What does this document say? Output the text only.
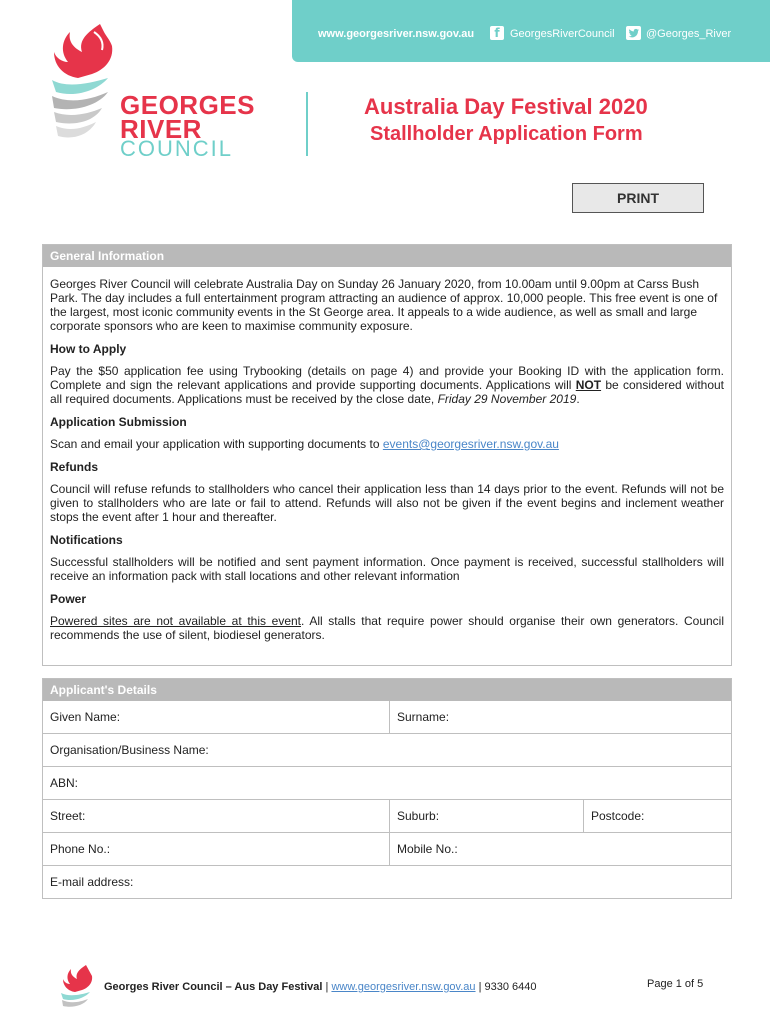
www.georgesriver.nsw.gov.au	f GeorgesRiverCouncil	@Georges_River
GEORGES
RIVER
COUNCIL
Australia Day Festival 2020
Stallholder Application Form
PRINT
General Information

Georges River Council will celebrate Australia Day on Sunday 26 January 2020, from 10.00am until 9.00pm at Carss Bush Park. The day includes a full entertainment program attracting an audience of approx. 10,000 people. This free event is one of the largest, most iconic community events in the St George area. It appeals to a wide audience, as well as small and large corporate sponsors who are keen to maximise community exposure.

How to Apply

Pay the $50 application fee using Trybooking (details on page 4) and provide your Booking ID with the application form. Complete and sign the relevant applications and provide supporting documents. Applications will NOT be considered without all required documents. Applications must be received by the close date, Friday 29 November 2019.

Application Submission

Scan and email your application with supporting documents to events@georgesriver.nsw.gov.au

Refunds

Council will refuse refunds to stallholders who cancel their application less than 14 days prior to the event. Refunds will not be given to stallholders who are late or fail to attend. Refunds will also not be given if the event begins and inclement weather stops the event after 1 hour and thereafter.

Notifications

Successful stallholders will be notified and sent payment information. Once payment is received, successful stallholders will receive an information pack with stall locations and other relevant information

Power

Powered sites are not available at this event. All stalls that require power should organise their own generators. Council recommends the use of silent, biodiesel generators.

Applicant's Details
Given Name:	Surname:
Organisation/Business Name:
ABN:
Street:	Suburb:	Postcode:
Phone No.:	Mobile No.:
E-mail address:
Georges River Council – Aus Day Festival | www.georgesriver.nsw.gov.au | 9330 6440	Page 1 of 5
